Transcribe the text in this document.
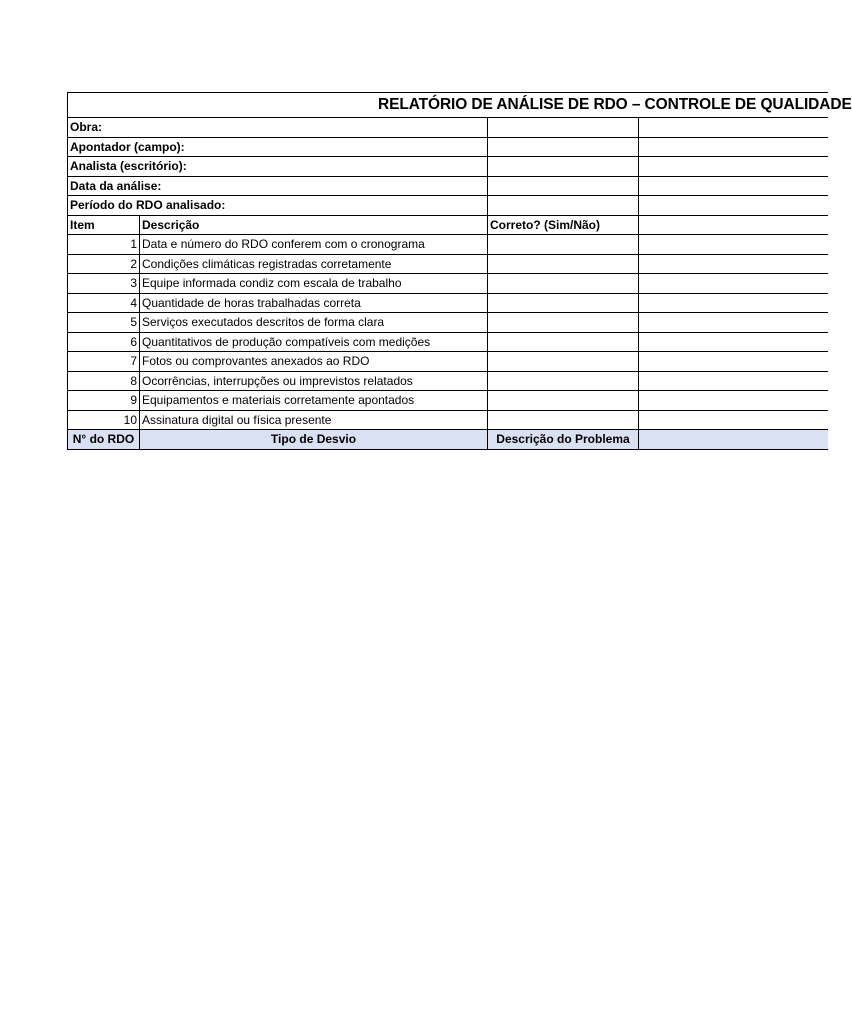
RELATÓRIO DE ANÁLISE DE RDO – CONTROLE DE QUALIDADE			
Obra:			
Apontador (campo):			
Analista (escritório):			
Data da análise:			
Período do RDO analisado:			
Item	Descrição	Correto? (Sim/Não)	
1	Data e número do RDO conferem com o cronograma		
2	Condições climáticas registradas corretamente		
3	Equipe informada condiz com escala de trabalho		
4	Quantidade de horas trabalhadas correta		
5	Serviços executados descritos de forma clara		
6	Quantitativos de produção compatíveis com medições		
7	Fotos ou comprovantes anexados ao RDO		
8	Ocorrências, interrupções ou imprevistos relatados		
9	Equipamentos e materiais corretamente apontados		
10	Assinatura digital ou física presente		
N° do RDO	Tipo de Desvio	Descrição do Problema	
